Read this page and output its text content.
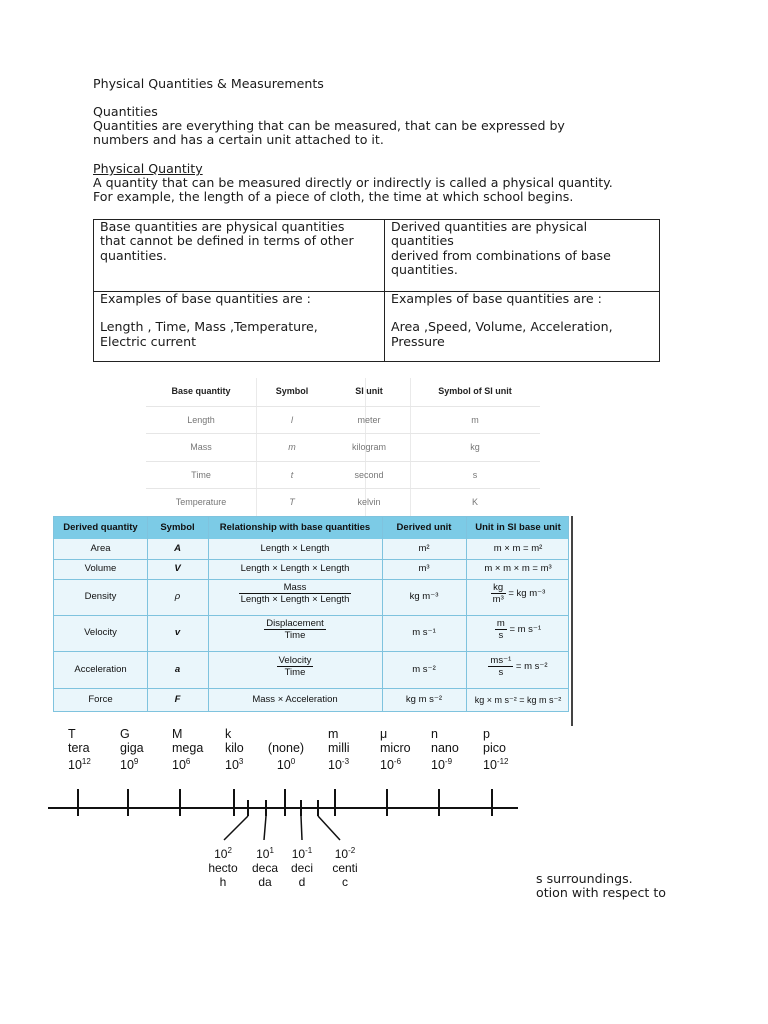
Physical Quantities & Measurements
Quantities
Quantities are everything that can be measured, that can be expressed by
numbers and has a certain unit attached to it.
Physical Quantity
A quantity that can be measured directly or indirectly is called a physical quantity.
For example, the length of a piece of cloth, the time at which school begins.
Base quantities are physical quantities
that cannot be defined in terms of other
quantities.
Derived quantities are physical
quantities
derived from combinations of base
quantities.
Examples of base quantities are :
Length , Time, Mass ,Temperature,
Electric current
Examples of base quantities are :
Area ,Speed, Volume, Acceleration,
Pressure
Base quantity	Symbol	SI unit	Symbol of SI unit
Length	l	meter	m
Mass	m	kilogram	kg
Time	t	second	s
Temperature	T	kelvin	K
Derived quantity	Symbol	Relationship with base quantities	Derived unit	Unit in SI base unit
Area	A	Length × Length	m²	m × m = m²
Volume	V	Length × Length × Length	m³	m × m × m = m³
Density	ρ	$\frac{\text{Mass}}{\text{Length × Length × Length}}$	kg m⁻³	$\frac{kg}{\text{m³}}$ = kg m⁻³
Velocity	v	$\frac{\text{Displacement}}{\text{Time}}$	m s⁻¹	$\frac{m}{s} = m$ s⁻¹
Acceleration	a	$\frac{\text{Velocity}}{\text{Time}}$	m s⁻²	$\frac{\text{ms⁻¹}}{s} = m$ s⁻²
Force	F	Mass × Acceleration	kg m s⁻²	kg × m s⁻² = kg m s⁻²
T
tera
$10^{12}$
G
giga
$10^9$
M
mega
$10^6$
k
kilo
$10^3$

(none)
$10^0$
m
milli
$10^{-3}$
μ
micro
$10^{-6}$
n
nano
$10^{-9}$
p
pico
$10^{-12}$
$10^2$
hecto
h
$10^1$
deca
da
$10^{-1}$
deci
d
$10^{-2}$
centi
c	s surroundings.
otion with respect to
